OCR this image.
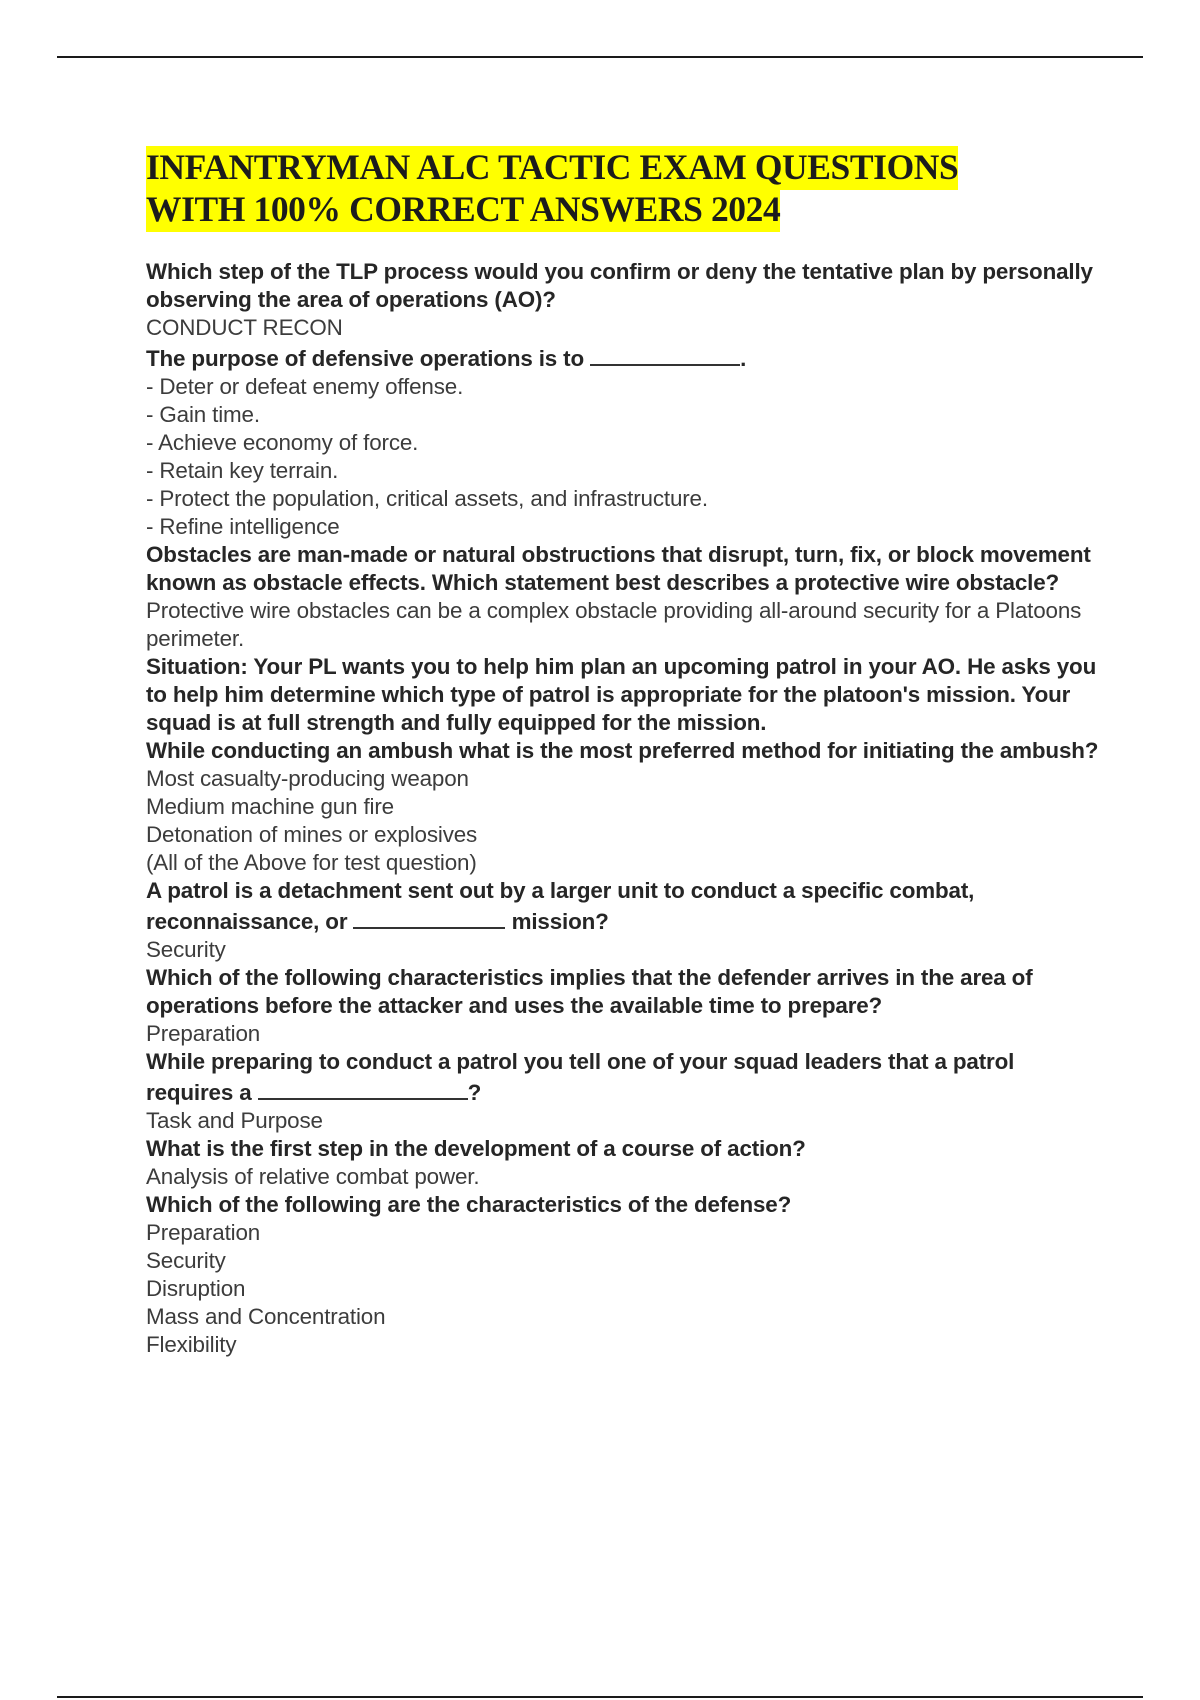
INFANTRYMAN ALC TACTIC EXAM QUESTIONS
WITH 100% CORRECT ANSWERS 2024

Which step of the TLP process would you confirm or deny the tentative plan by personally observing the area of operations (AO)?

CONDUCT RECON

The purpose of defensive operations is to	.

- Deter or defeat enemy offense.

- Gain time.

- Achieve economy of force.

- Retain key terrain.

- Protect the population, critical assets, and infrastructure.

- Refine intelligence

Obstacles are man-made or natural obstructions that disrupt, turn, fix, or block movement known as obstacle effects. Which statement best describes a protective wire obstacle?

Protective wire obstacles can be a complex obstacle providing all-around security for a Platoons perimeter.

Situation: Your PL wants you to help him plan an upcoming patrol in your AO. He asks you to help him determine which type of patrol is appropriate for the platoon's mission. Your squad is at full strength and fully equipped for the mission.

While conducting an ambush what is the most preferred method for initiating the ambush?

Most casualty-producing weapon

Medium machine gun fire

Detonation of mines or explosives

(All of the Above for test question)

A patrol is a detachment sent out by a larger unit to conduct a specific combat, reconnaissance, or	mission?

Security

Which of the following characteristics implies that the defender arrives in the area of operations before the attacker and uses the available time to prepare?

Preparation

While preparing to conduct a patrol you tell one of your squad leaders that a patrol requires a	?

Task and Purpose

What is the first step in the development of a course of action?

Analysis of relative combat power.

Which of the following are the characteristics of the defense?

Preparation

Security

Disruption

Mass and Concentration

Flexibility
